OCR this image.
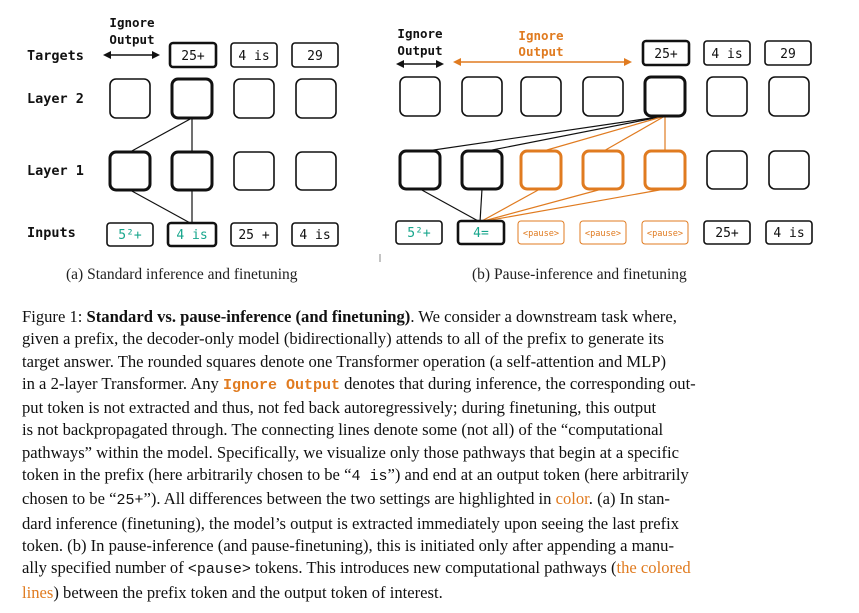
Targets
Layer 2
Layer 1
Inputs
Ignore
Output
25+	4 is	29
5²+	4 is 25 + 4 is
Ignore
Output
Ignore
Output	25+	4 is	29
5²+	4=	<pause>	<pause>	<pause> 25+	4 is
(a) Standard inference and finetuning	(b) Pause-inference and finetuning
Figure 1: Standard vs. pause-inference (and finetuning). We consider a downstream task where,
given a prefix, the decoder-only model (bidirectionally) attends to all of the prefix to generate its
target answer. The rounded squares denote one Transformer operation (a self-attention and MLP)
in a 2-layer Transformer. Any Ignore Output denotes that during inference, the corresponding out-
put token is not extracted and thus, not fed back autoregressively; during finetuning, this output
is not backpropagated through. The connecting lines denote some (not all) of the “computational
pathways” within the model. Specifically, we visualize only those pathways that begin at a specific
token in the prefix (here arbitrarily chosen to be “4 is”) and end at an output token (here arbitrarily
chosen to be “25+”). All differences between the two settings are highlighted in color. (a) In stan-
dard inference (finetuning), the model’s output is extracted immediately upon seeing the last prefix
token. (b) In pause-inference (and pause-finetuning), this is initiated only after appending a manu-
ally specified number of <pause> tokens. This introduces new computational pathways (the colored
lines) between the prefix token and the output token of interest.
